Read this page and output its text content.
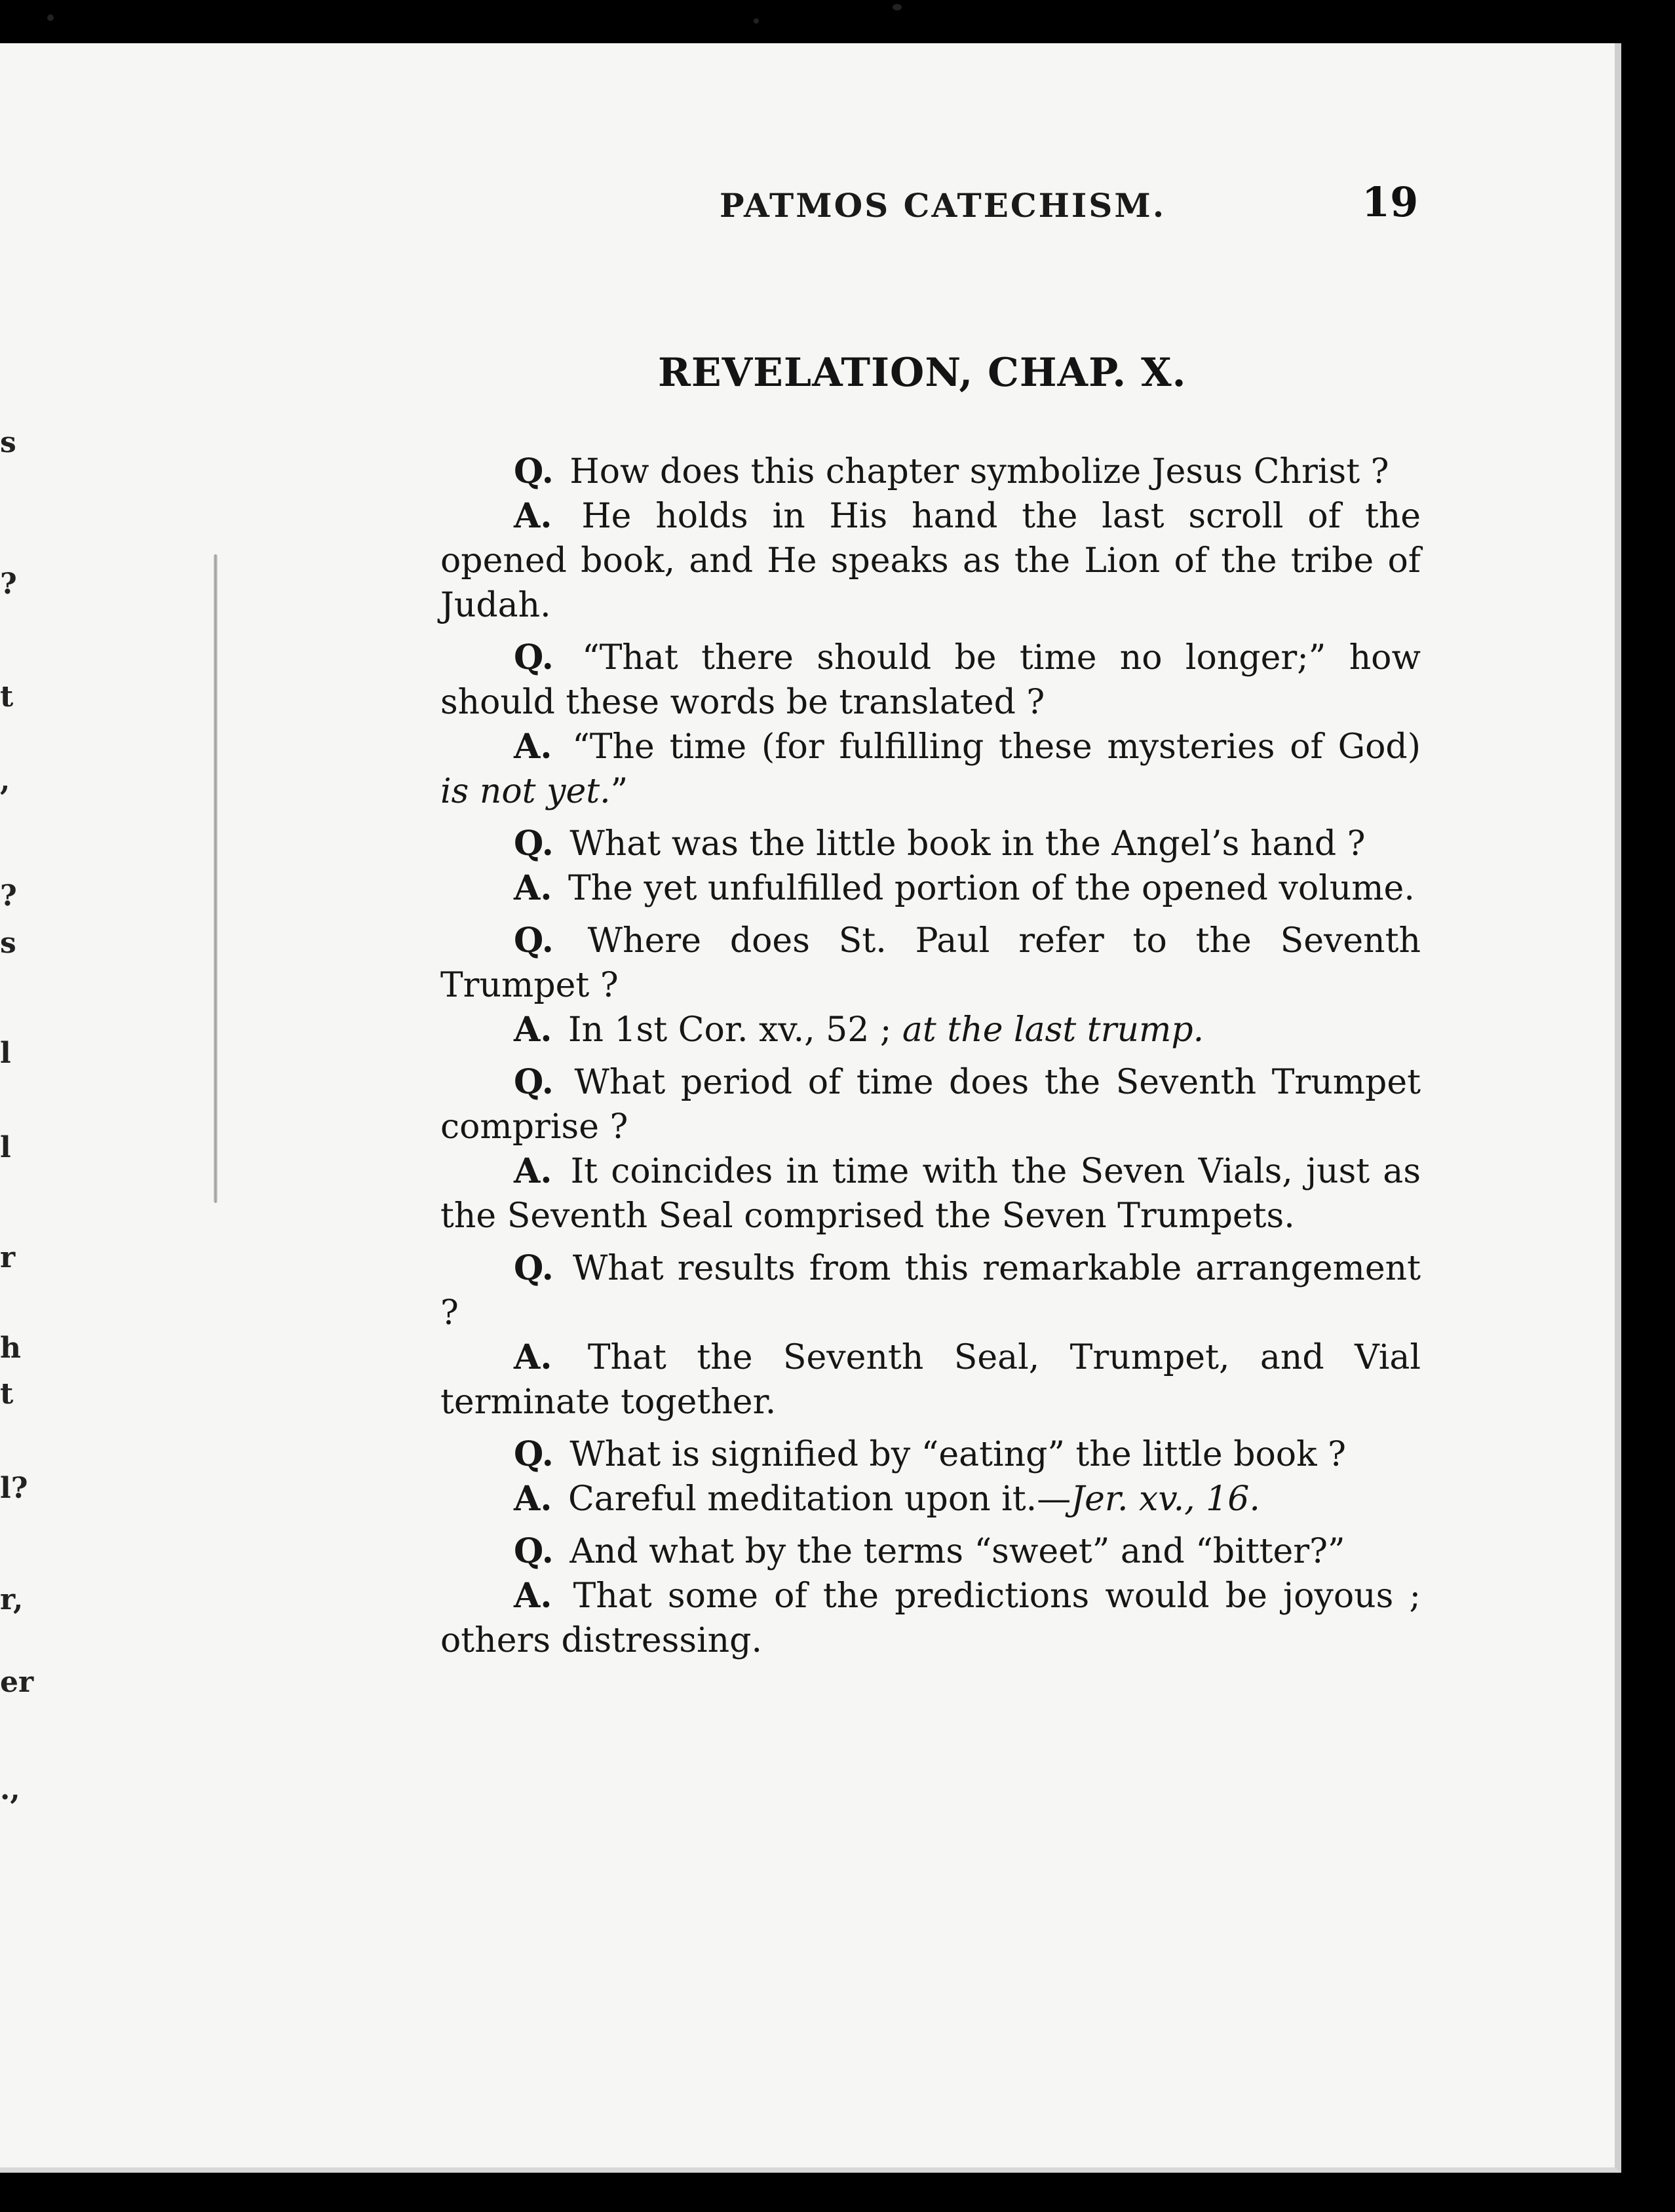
s
?
t
,
?
s
l
l
r
h
t
l?
r,
er
.,
PATMOS CATECHISM.	19
REVELATION, CHAP. X.

Q. How does this chapter symbolize Jesus Christ ?

A. He holds in His hand the last scroll of the opened book, and He speaks as the Lion of the tribe of Judah.

Q. “That there should be time no longer;” how should these words be translated ?

A. “The time (for fulfilling these mysteries of God) is not yet.”

Q. What was the little book in the Angel’s hand ?

A. The yet unfulfilled portion of the opened volume.

Q. Where does St. Paul refer to the Seventh Trumpet ?

A. In 1st Cor. xv., 52 ; at the last trump.

Q. What period of time does the Seventh Trumpet comprise ?

A. It coincides in time with the Seven Vials, just as the Seventh Seal comprised the Seven Trumpets.

Q. What results from this remarkable arrangement ?

A. That the Seventh Seal, Trumpet, and Vial terminate together.

Q. What is signified by “eating” the little book ?

A. Careful meditation upon it.—Jer. xv., 16.

Q. And what by the terms “sweet” and “bitter?”

A. That some of the predictions would be joyous ; others distressing.
